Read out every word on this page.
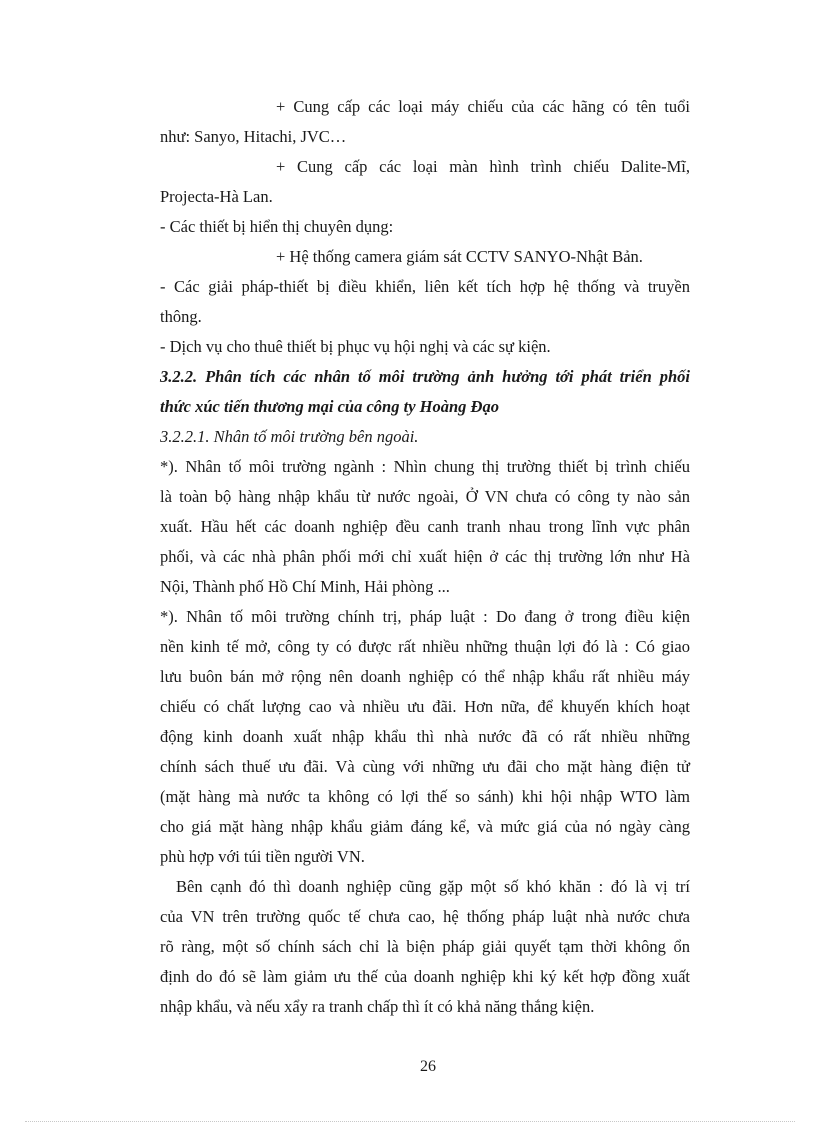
+ Cung cấp các loại máy chiếu của các hãng có tên tuổi
như: Sanyo, Hitachi, JVC…
+ Cung cấp các loại màn hình trình chiếu Dalite-Mĩ,
Projecta-Hà Lan.
- Các thiết bị hiển thị chuyên dụng:
+ Hệ thống camera giám sát CCTV SANYO-Nhật Bản.
- Các giải pháp-thiết bị điều khiển, liên kết tích hợp hệ thống và truyền
thông.
- Dịch vụ cho thuê thiết bị phục vụ hội nghị và các sự kiện.
3.2.2. Phân tích các nhân tố môi trường ảnh hưởng tới phát triển phối
thức xúc tiến thương mại của công ty Hoàng Đạo
3.2.2.1. Nhân tố môi trường bên ngoài.
*). Nhân tố môi trường ngành : Nhìn chung thị trường thiết bị trình chiếu
là toàn bộ hàng nhập khẩu từ nước ngoài, Ở VN chưa có công ty nào sản
xuất. Hầu hết các doanh nghiệp đều canh tranh nhau trong lĩnh vực phân
phối, và các nhà phân phối mới chỉ xuất hiện ở các thị trường lớn như Hà
Nội, Thành phố Hồ Chí Minh, Hải phòng ...
*). Nhân tố môi trường chính trị, pháp luật : Do đang ở trong điều kiện
nền kinh tế mở, công ty có được rất nhiều những thuận lợi đó là : Có giao
lưu buôn bán mở rộng nên doanh nghiệp có thể nhập khẩu rất nhiều máy
chiếu có chất lượng cao và nhiều ưu đãi. Hơn nữa, để khuyến khích hoạt
động kinh doanh xuất nhập khẩu thì nhà nước đã có rất nhiều những
chính sách thuế ưu đãi. Và cùng với những ưu đãi cho mặt hàng điện tử
(mặt hàng mà nước ta không có lợi thế so sánh) khi hội nhập WTO làm
cho giá mặt hàng nhập khẩu giảm đáng kể, và mức giá của nó ngày càng
phù hợp với túi tiền người VN.
Bên cạnh đó thì doanh nghiệp cũng gặp một số khó khăn : đó là vị trí
của VN trên trường quốc tế chưa cao, hệ thống pháp luật nhà nước chưa
rõ ràng, một số chính sách chỉ là biện pháp giải quyết tạm thời không ổn
định do đó sẽ làm giảm ưu thế của doanh nghiệp khi ký kết hợp đồng xuất
nhập khẩu, và nếu xẩy ra tranh chấp thì ít có khả năng thắng kiện.
26
